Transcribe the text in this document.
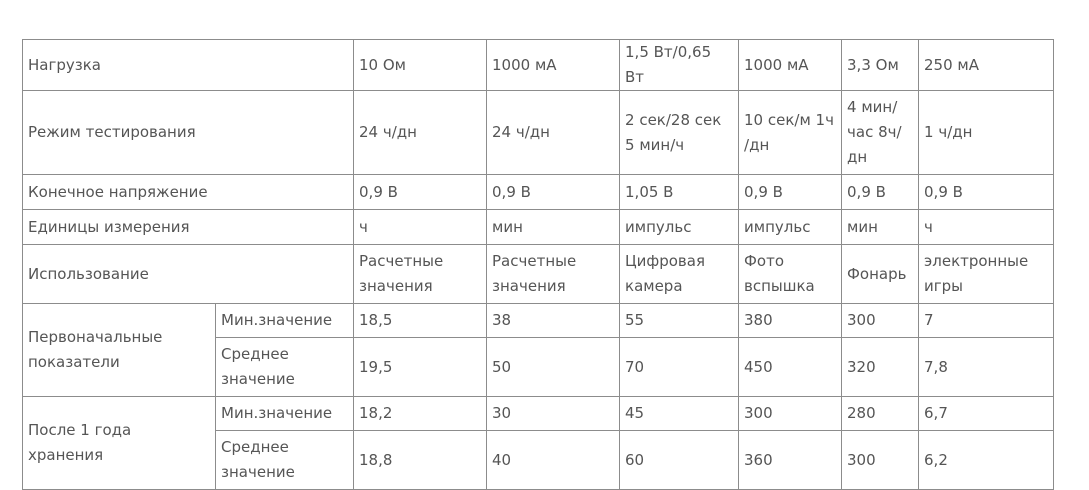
Нагрузка		10 Ом	1000 мА	1,5 Вт/0,65 Вт	1000 мА	3,3 Ом	250 мА
Режим тестирования		24 ч/дн	24 ч/дн	2 сек/28 сек 5 мин/ч	10 сек/м 1ч /дн	4 мин/ час 8ч/дн	1 ч/дн
Конечное напряжение		0,9 В	0,9 В	1,05 В	0,9 В	0,9 В	0,9 В
Единицы измерения		ч	мин	импульс	импульс	мин	ч
Использование		Расчетные значения	Расчетные значения	Цифровая камера	Фото вспышка	Фонарь	электронные игры
Первоначальные показатели	Мин.значение	18,5	38	55	380	300	7
	Среднее значение	19,5	50	70	450	320	7,8
После 1 года хранения	Мин.значение	18,2	30	45	300	280	6,7
	Среднее значение	18,8	40	60	360	300	6,2
